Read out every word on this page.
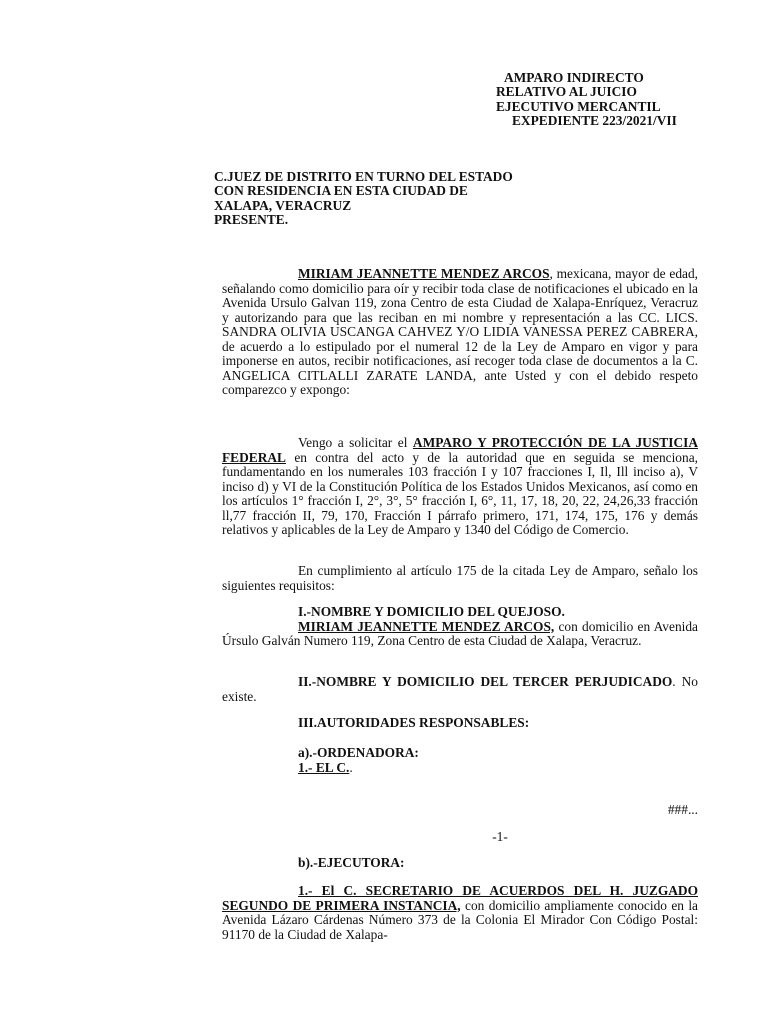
AMPARO INDIRECTO
RELATIVO AL JUICIO
EJECUTIVO MERCANTIL
EXPEDIENTE 223/2021/VII
C.JUEZ DE DISTRITO EN TURNO DEL ESTADO
CON RESIDENCIA EN ESTA CIUDAD DE
XALAPA, VERACRUZ
PRESENTE.
MIRIAM JEANNETTE MENDEZ ARCOS, mexicana, mayor de edad, señalando como domicilio para oír y recibir toda clase de notificaciones el ubicado en la Avenida Ursulo Galvan 119, zona Centro de esta Ciudad de Xalapa-Enríquez, Veracruz y autorizando para que las reciban en mi nombre y representación a las CC. LICS. SANDRA OLIVIA USCANGA CAHVEZ Y/O LIDIA VANESSA PEREZ CABRERA, de acuerdo a lo estipulado por el numeral 12 de la Ley de Amparo en vigor y para imponerse en autos, recibir notificaciones, así recoger toda clase de documentos a la C. ANGELICA CITLALLI ZARATE LANDA, ante Usted y con el debido respeto comparezco y expongo:
Vengo a solicitar el AMPARO Y PROTECCIÓN DE LA JUSTICIA FEDERAL en contra del acto y de la autoridad que en seguida se menciona, fundamentando en los numerales 103 fracción I y 107 fracciones I, Il, Ill inciso a), V inciso d) y VI de la Constitución Política de los Estados Unidos Mexicanos, así como en los artículos 1° fracción I, 2°, 3°, 5° fracción I, 6°, 11, 17, 18, 20, 22, 24,26,33 fracción ll,77 fracción II, 79, 170, Fracción I párrafo primero, 171, 174, 175, 176 y demás relativos y aplicables de la Ley de Amparo y 1340 del Código de Comercio.
En cumplimiento al artículo 175 de la citada Ley de Amparo, señalo los siguientes requisitos:
I.-NOMBRE Y DOMICILIO DEL QUEJOSO.
MIRIAM JEANNETTE MENDEZ ARCOS, con domicilio en Avenida Úrsulo Galván Numero 119, Zona Centro de esta Ciudad de Xalapa, Veracruz.
II.-NOMBRE Y DOMICILIO DEL TERCER PERJUDICADO. No existe.
III.AUTORIDADES RESPONSABLES:
a).-ORDENADORA:
1.- EL C..
###...
-1-
b).-EJECUTORA:
1.- El C. SECRETARIO DE ACUERDOS DEL H. JUZGADO SEGUNDO DE PRIMERA INSTANCIA, con domicilio ampliamente conocido en la Avenida Lázaro Cárdenas Número 373 de la Colonia El Mirador Con Código Postal: 91170 de la Ciudad de Xalapa-
